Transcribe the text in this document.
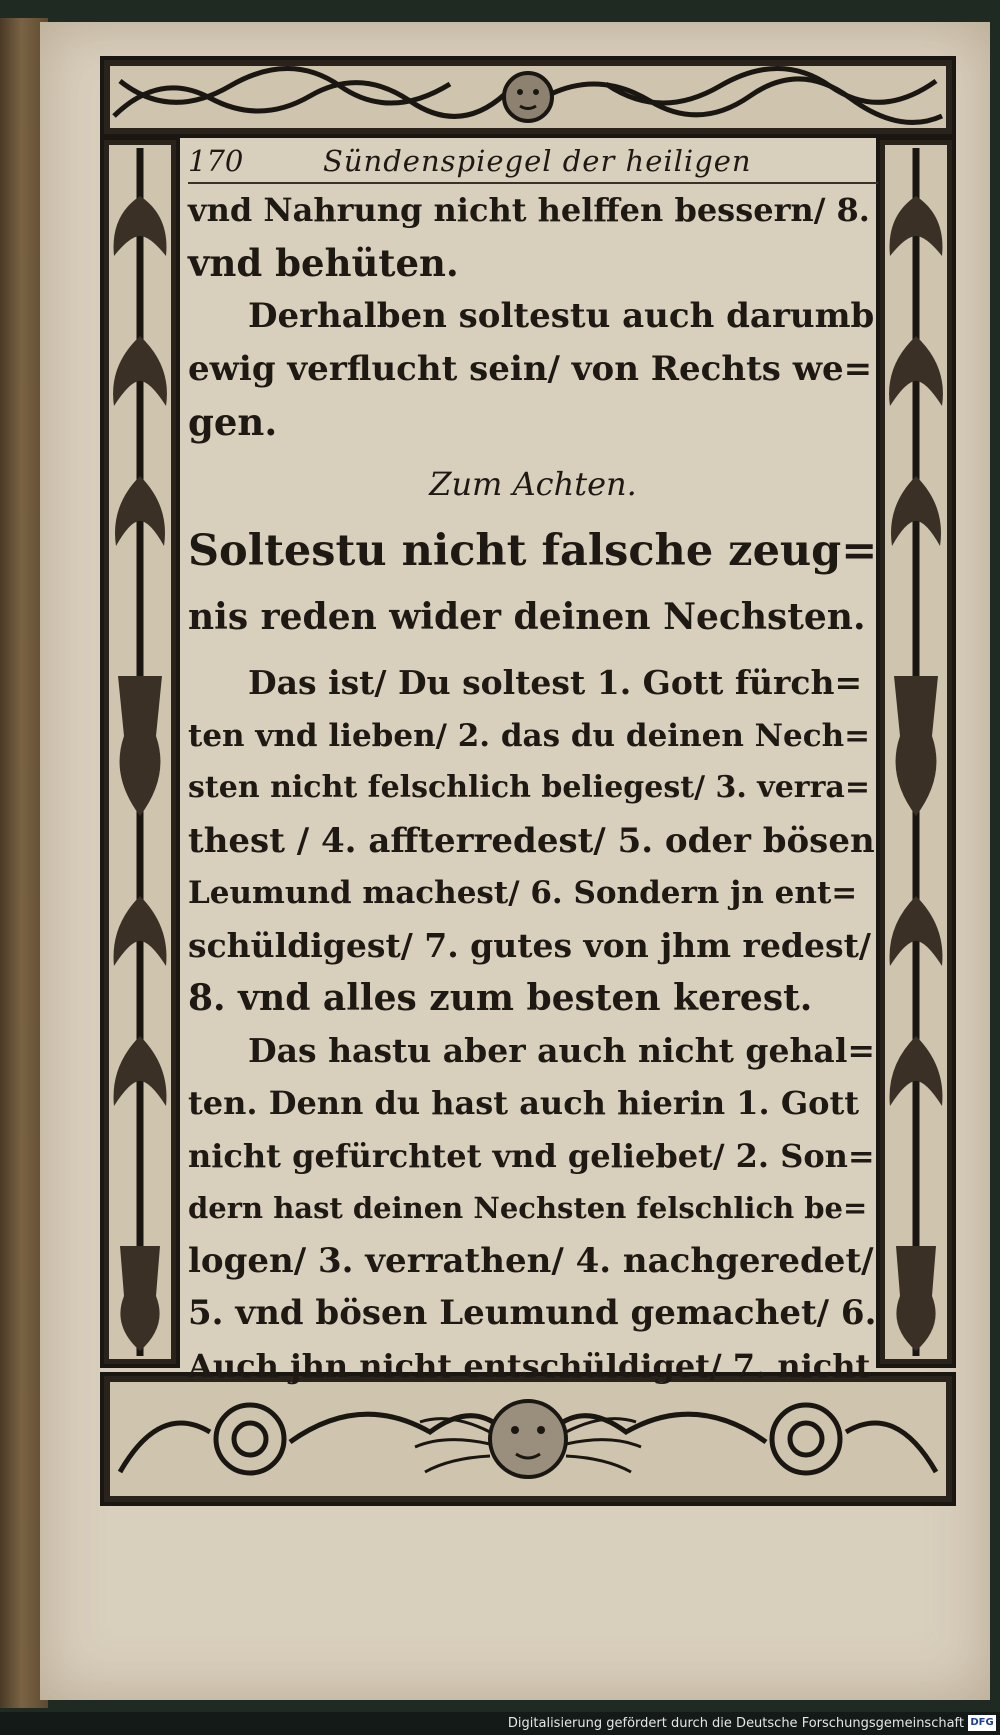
170	Sündenspiegel der heiligen
vnd Nahrung nicht helffen bessern/ 8.
vnd behüten.
Derhalben soltestu auch darumb
ewig verflucht sein/ von Rechts we=
gen.
Zum Achten.
Soltestu nicht falsche zeug=
nis reden wider deinen Nechsten.
Das ist/ Du soltest 1. Gott fürch=
ten vnd lieben/ 2. das du deinen Nech=
sten nicht felschlich beliegest/ 3. verra=
thest / 4. affterredest/ 5. oder bösen
Leumund machest/ 6. Sondern jn ent=
schüldigest/ 7. gutes von jhm redest/
8. vnd alles zum besten kerest.
Das hastu aber auch nicht gehal=
ten. Denn du hast auch hierin 1. Gott
nicht gefürchtet vnd geliebet/ 2. Son=
dern hast deinen Nechsten felschlich be=
logen/ 3. verrathen/ 4. nachgeredet/
5. vnd bösen Leumund gemachet/ 6.
Auch jhn nicht entschüldiget/ 7. nicht
Digitalisierung gefördert durch die Deutsche Forschungsgemeinschaft DFG
